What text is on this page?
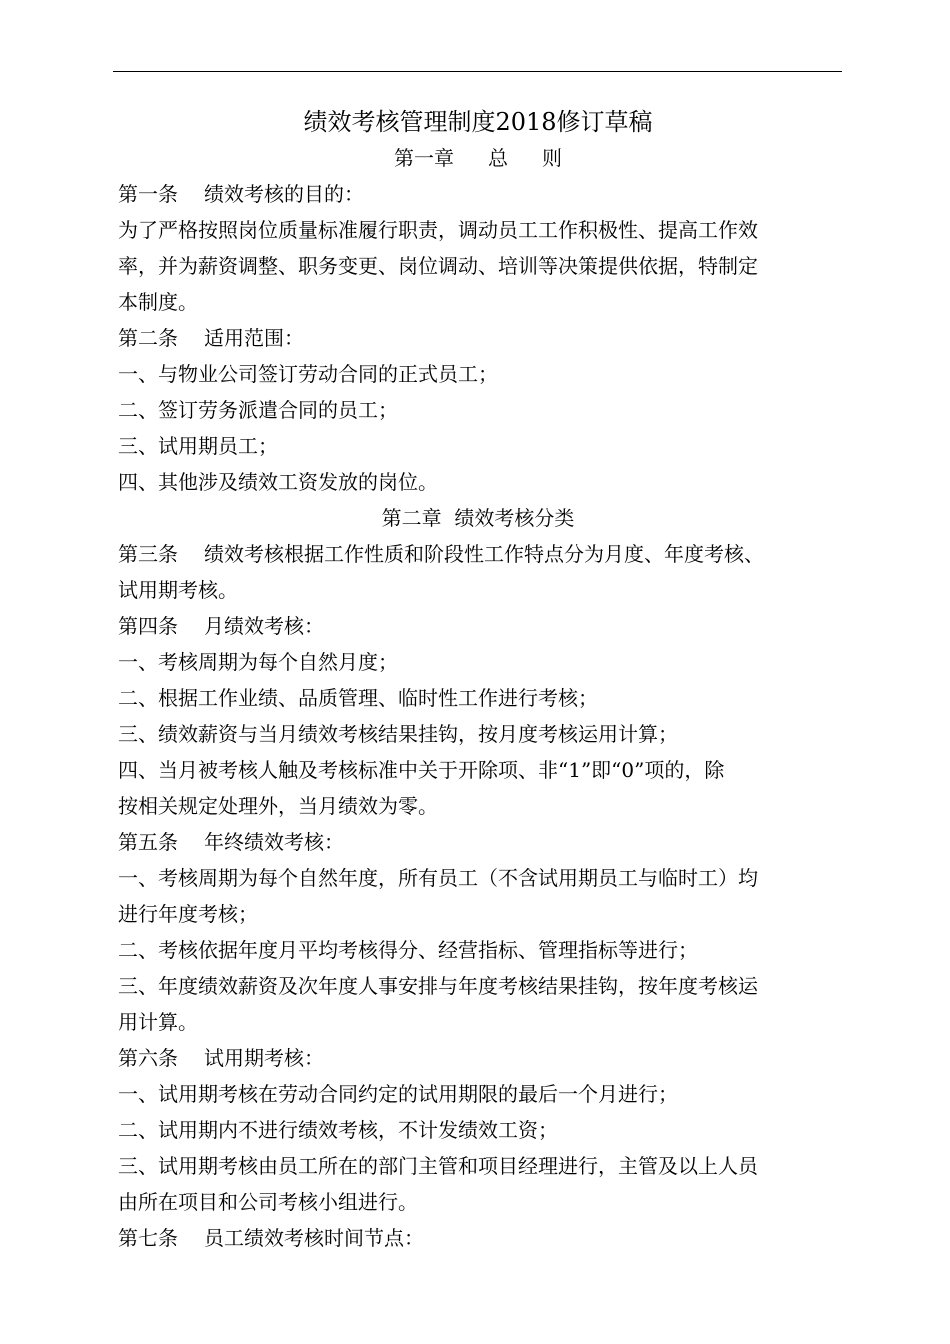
绩效考核管理制度2018修订草稿

第一章 总 则

第一条 绩效考核的目的：

为了严格按照岗位质量标准履行职责，调动员工工作积极性、提高工作效

率，并为薪资调整、职务变更、岗位调动、培训等决策提供依据，特制定

本制度。

第二条 适用范围：

一、与物业公司签订劳动合同的正式员工；

二、签订劳务派遣合同的员工；

三、试用期员工；

四、其他涉及绩效工资发放的岗位。

第二章  绩效考核分类

第三条 绩效考核根据工作性质和阶段性工作特点分为月度、年度考核、

试用期考核。

第四条 月绩效考核：

一、考核周期为每个自然月度；

二、根据工作业绩、品质管理、临时性工作进行考核；

三、绩效薪资与当月绩效考核结果挂钩，按月度考核运用计算；

四、当月被考核人触及考核标准中关于开除项、非“1”即“0”项的，除

按相关规定处理外，当月绩效为零。

第五条 年终绩效考核：

一、考核周期为每个自然年度，所有员工（不含试用期员工与临时工）均

进行年度考核；

二、考核依据年度月平均考核得分、经营指标、管理指标等进行；

三、年度绩效薪资及次年度人事安排与年度考核结果挂钩，按年度考核运

用计算。

第六条 试用期考核：

一、试用期考核在劳动合同约定的试用期限的最后一个月进行；

二、试用期内不进行绩效考核，不计发绩效工资；

三、试用期考核由员工所在的部门主管和项目经理进行，主管及以上人员

由所在项目和公司考核小组进行。

第七条 员工绩效考核时间节点：
